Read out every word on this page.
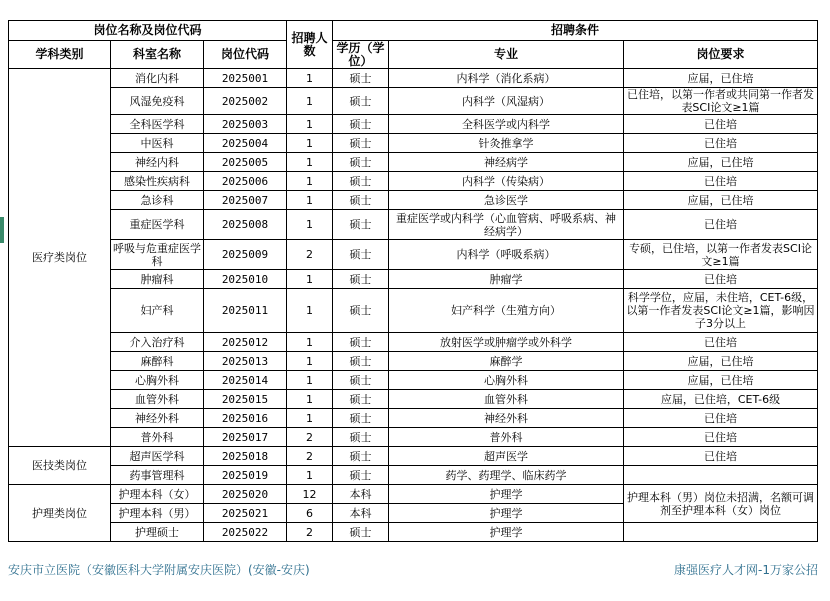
岗位名称及岗位代码			招聘人数	招聘条件		
学科类别	科室名称	岗位代码		学历（学位）	专业	岗位要求
医疗类岗位	消化内科	2025001	1	硕士	内科学（消化系病）	应届，已住培
	风湿免疫科	2025002	1	硕士	内科学（风湿病）	已住培，以第一作者或共同第一作者发表SCI论文≥1篇
	全科医学科	2025003	1	硕士	全科医学或内科学	已住培
	中医科	2025004	1	硕士	针灸推拿学	已住培
	神经内科	2025005	1	硕士	神经病学	应届，已住培
	感染性疾病科	2025006	1	硕士	内科学（传染病）	已住培
	急诊科	2025007	1	硕士	急诊医学	应届，已住培
	重症医学科	2025008	1	硕士	重症医学或内科学（心血管病、呼吸系病、神经病学）	已住培
	呼吸与危重症医学科	2025009	2	硕士	内科学（呼吸系病）	专硕，已住培，以第一作者发表SCI论文≥1篇
	肿瘤科	2025010	1	硕士	肿瘤学	已住培
	妇产科	2025011	1	硕士	妇产科学（生殖方向）	科学学位，应届，未住培，CET-6级，以第一作者发表SCI论文≥1篇，影响因子3分以上
	介入治疗科	2025012	1	硕士	放射医学或肿瘤学或外科学	已住培
	麻醉科	2025013	1	硕士	麻醉学	应届，已住培
	心胸外科	2025014	1	硕士	心胸外科	应届，已住培
	血管外科	2025015	1	硕士	血管外科	应届，已住培，CET-6级
	神经外科	2025016	1	硕士	神经外科	已住培
	普外科	2025017	2	硕士	普外科	已住培
医技类岗位	超声医学科	2025018	2	硕士	超声医学	已住培
	药事管理科	2025019	1	硕士	药学、药理学、临床药学	
护理类岗位	护理本科（女）	2025020	12	本科	护理学	护理本科（男）岗位未招满，名额可调剂至护理本科（女）岗位
	护理本科（男）	2025021	6	本科	护理学	
	护理硕士	2025022	2	硕士	护理学	
安庆市立医院（安徽医科大学附属安庆医院）(安徽-安庆)	康强医疗人才网-1万家公招
